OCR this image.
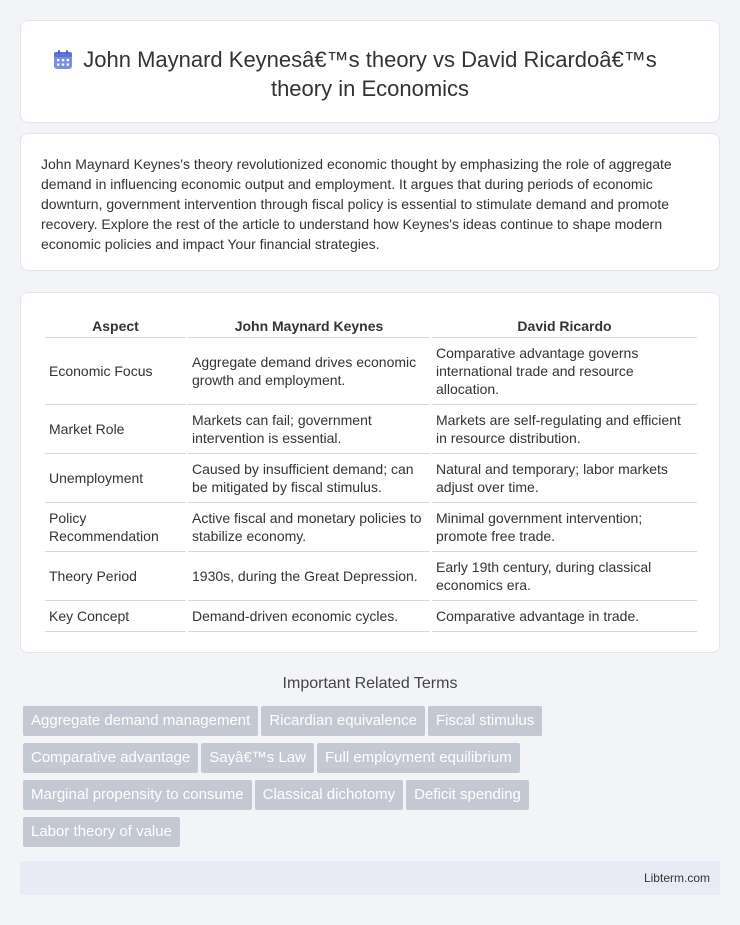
John Maynard Keynesâ€™s theory vs David Ricardoâ€™s
theory in Economics

John Maynard Keynes's theory revolutionized economic thought by emphasizing the role of aggregate demand in influencing economic output and employment. It argues that during periods of economic downturn, government intervention through fiscal policy is essential to stimulate demand and promote recovery. Explore the rest of the article to understand how Keynes's ideas continue to shape modern economic policies and impact Your financial strategies.

Aspect	John Maynard Keynes	David Ricardo
Economic Focus	Aggregate demand drives economic growth and employment.	Comparative advantage governs international trade and resource allocation.
Market Role	Markets can fail; government intervention is essential.	Markets are self-regulating and efficient in resource distribution.
Unemployment	Caused by insufficient demand; can be mitigated by fiscal stimulus.	Natural and temporary; labor markets adjust over time.
Policy Recommendation	Active fiscal and monetary policies to stabilize economy.	Minimal government intervention; promote free trade.
Theory Period	1930s, during the Great Depression.	Early 19th century, during classical economics era.
Key Concept	Demand-driven economic cycles.	Comparative advantage in trade.
Important Related Terms
Aggregate demand management Ricardian equivalence Fiscal stimulus
Comparative advantage Sayâ€™s Law Full employment equilibrium
Marginal propensity to consume Classical dichotomy Deficit spending
Labor theory of value
Libterm.com
